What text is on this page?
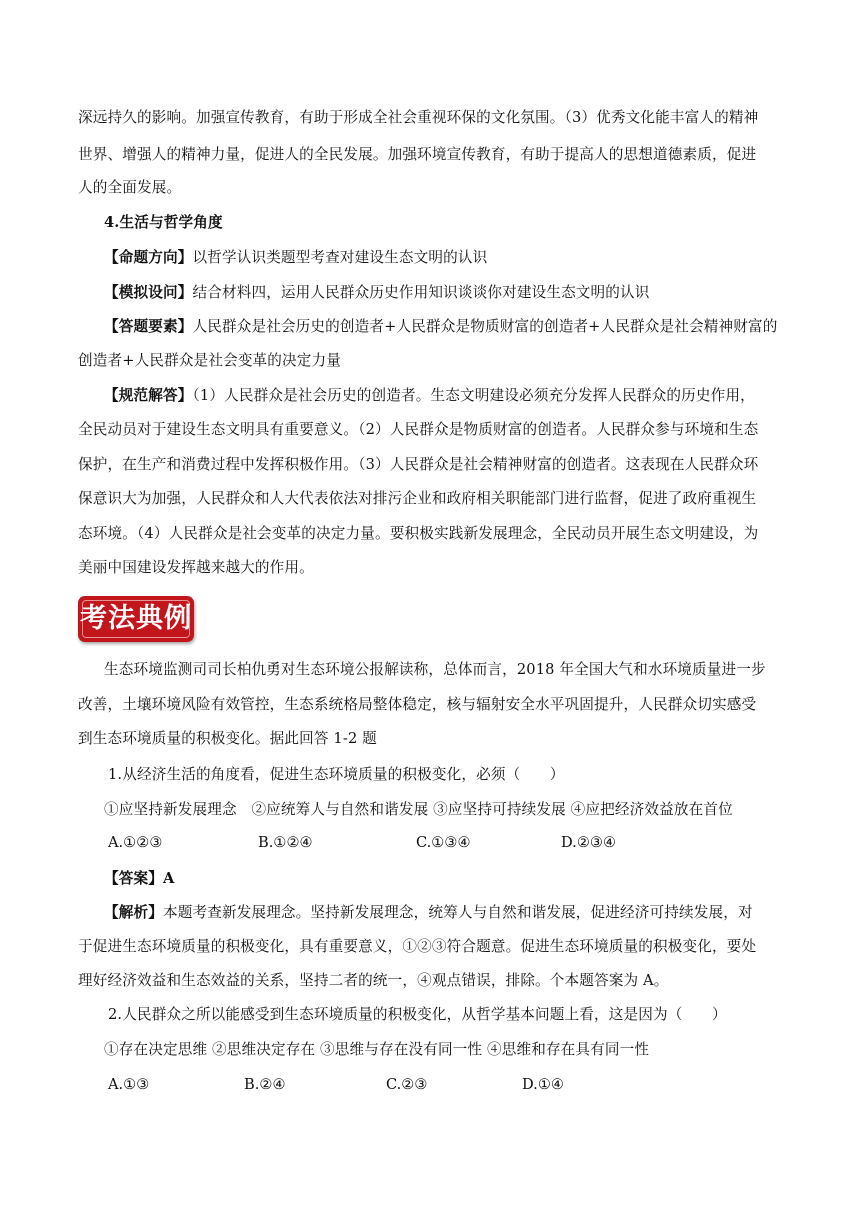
深远持久的影响。加强宣传教育，有助于形成全社会重视环保的文化氛围。（3）优秀文化能丰富人的精神
世界、增强人的精神力量，促进人的全民发展。加强环境宣传教育，有助于提高人的思想道德素质，促进
人的全面发展。
4.生活与哲学角度
【命题方向】以哲学认识类题型考查对建设生态文明的认识
【模拟设问】结合材料四，运用人民群众历史作用知识谈谈你对建设生态文明的认识
【答题要素】人民群众是社会历史的创造者+人民群众是物质财富的创造者+人民群众是社会精神财富的
创造者+人民群众是社会变革的决定力量
【规范解答】（1）人民群众是社会历史的创造者。生态文明建设必须充分发挥人民群众的历史作用，
全民动员对于建设生态文明具有重要意义。（2）人民群众是物质财富的创造者。人民群众参与环境和生态
保护，在生产和消费过程中发挥积极作用。（3）人民群众是社会精神财富的创造者。这表现在人民群众环
保意识大为加强，人民群众和人大代表依法对排污企业和政府相关职能部门进行监督，促进了政府重视生
态环境。（4）人民群众是社会变革的决定力量。要积极实践新发展理念，全民动员开展生态文明建设，为
美丽中国建设发挥越来越大的作用。
考法典例
生态环境监测司司长柏仇勇对生态环境公报解读称，总体而言，2018 年全国大气和水环境质量进一步
改善，土壤环境风险有效管控，生态系统格局整体稳定，核与辐射安全水平巩固提升，人民群众切实感受
到生态环境质量的积极变化。据此回答 1-2 题
1.从经济生活的角度看，促进生态环境质量的积极变化，必须（　　）
①应坚持新发展理念　②应统筹人与自然和谐发展 ③应坚持可持续发展 ④应把经济效益放在首位
A.①②③	B.①②④	C.①③④	D.②③④
【答案】A
【解析】本题考查新发展理念。坚持新发展理念，统筹人与自然和谐发展，促进经济可持续发展，对
于促进生态环境质量的积极变化，具有重要意义，①②③符合题意。促进生态环境质量的积极变化，要处
理好经济效益和生态效益的关系，坚持二者的统一，④观点错误，排除。个本题答案为 A。
2.人民群众之所以能感受到生态环境质量的积极变化，从哲学基本问题上看，这是因为（　　）
①存在决定思维 ②思维决定存在 ③思维与存在没有同一性 ④思维和存在具有同一性
A.①③	B.②④	C.②③	D.①④
